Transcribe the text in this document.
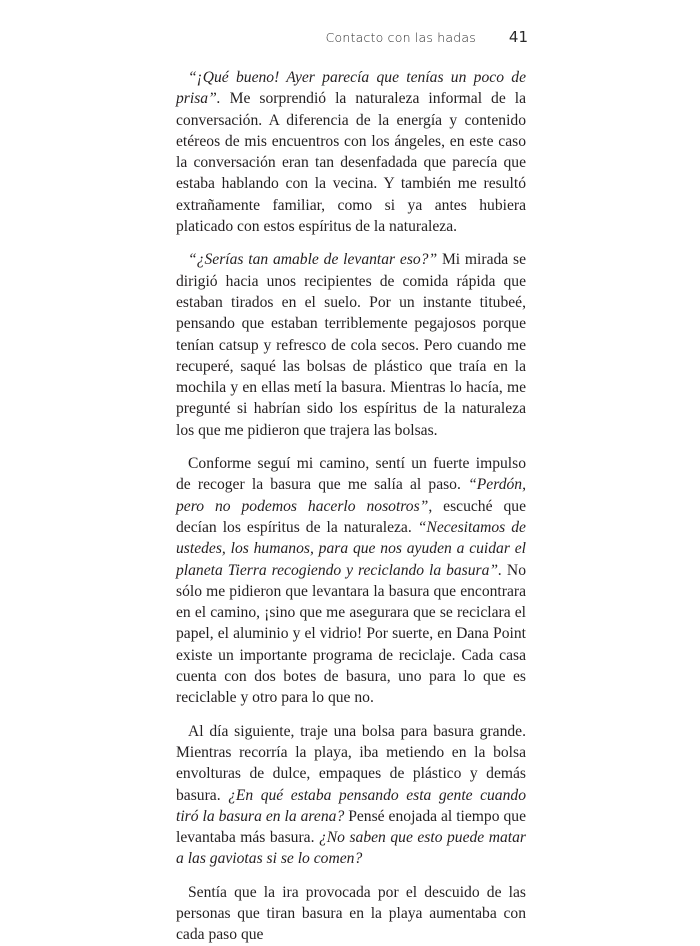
Contacto con las hadas 41

“¡Qué bueno! Ayer parecía que tenías un poco de prisa”. Me sorprendió la naturaleza informal de la conversación. A diferencia de la energía y contenido etéreos de mis encuentros con los ángeles, en este caso la conversación eran tan desenfadada que parecía que estaba hablando con la vecina. Y también me resultó extrañamente familiar, como si ya antes hubiera platicado con estos espíritus de la naturaleza.

“¿Serías tan amable de levantar eso?” Mi mirada se dirigió hacia unos recipientes de comida rápida que estaban tirados en el suelo. Por un instante titubeé, pensando que estaban terriblemente pegajosos porque tenían catsup y refresco de cola secos. Pero cuando me recuperé, saqué las bolsas de plástico que traía en la mochila y en ellas metí la basura. Mientras lo hacía, me pregunté si habrían sido los espíritus de la naturaleza los que me pidieron que trajera las bolsas.

Conforme seguí mi camino, sentí un fuerte impulso de recoger la basura que me salía al paso. “Perdón, pero no podemos hacerlo nosotros”, escuché que decían los espíritus de la naturaleza. “Necesitamos de ustedes, los humanos, para que nos ayuden a cuidar el planeta Tierra recogiendo y reciclando la basura”. No sólo me pidieron que levantara la basura que encontrara en el camino, ¡sino que me asegurara que se reciclara el papel, el aluminio y el vidrio! Por suerte, en Dana Point existe un importante programa de reciclaje. Cada casa cuenta con dos botes de basura, uno para lo que es reciclable y otro para lo que no.

Al día siguiente, traje una bolsa para basura grande. Mientras recorría la playa, iba metiendo en la bolsa envolturas de dulce, empaques de plástico y demás basura. ¿En qué estaba pensando esta gente cuando tiró la basura en la arena? Pensé enojada al tiempo que levantaba más basura. ¿No saben que esto puede matar a las gaviotas si se lo comen?

Sentía que la ira provocada por el descuido de las personas que tiran basura en la playa aumentaba con cada paso que
